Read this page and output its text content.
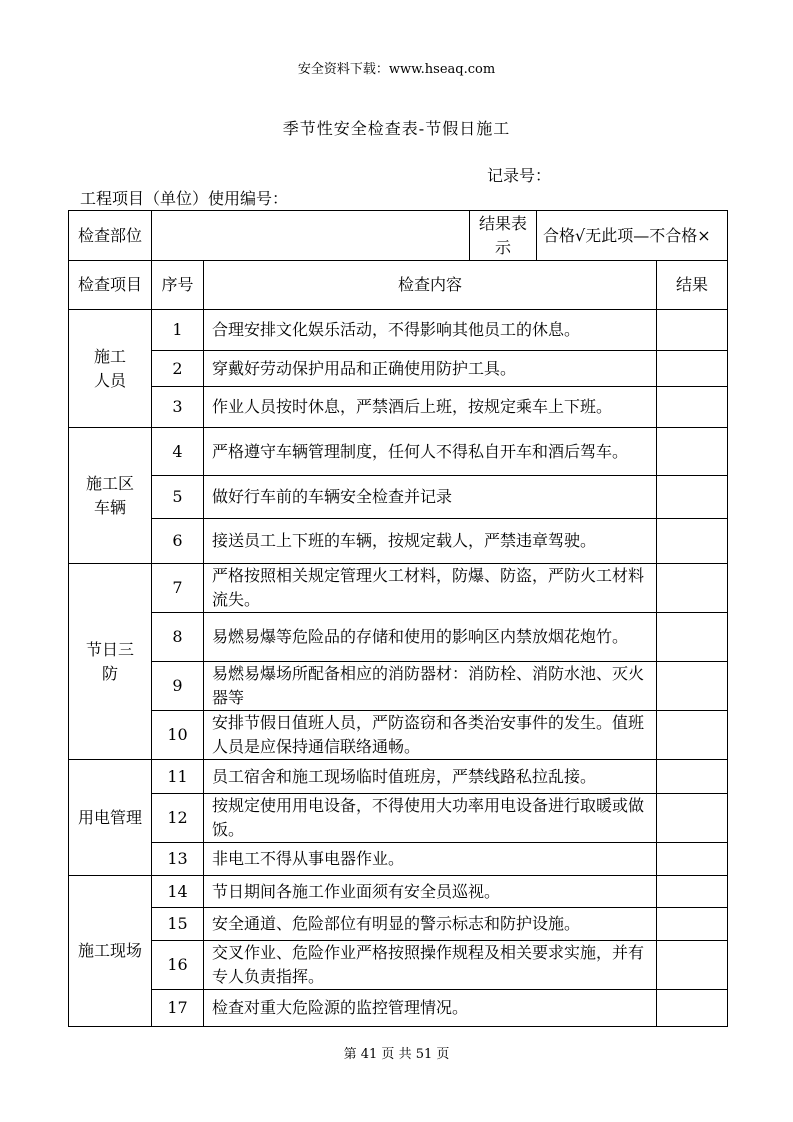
安全资料下载：www.hseaq.com
季节性安全检查表-节假日施工
记录号：
工程项目（单位）使用编号：
检查部位			结果表示	合格√无此项—不合格×	
检查项目	序号	检查内容			结果
施工人员	1	合理安排文化娱乐活动，不得影响其他员工的休息。			
	2	穿戴好劳动保护用品和正确使用防护工具。			
	3	作业人员按时休息，严禁酒后上班，按规定乘车上下班。			
施工区车辆	4	严格遵守车辆管理制度，任何人不得私自开车和酒后驾车。			
	5	做好行车前的车辆安全检查并记录			
	6	接送员工上下班的车辆，按规定载人，严禁违章驾驶。			
节日三防	7	严格按照相关规定管理火工材料，防爆、防盗，严防火工材料流失。			
	8	易燃易爆等危险品的存储和使用的影响区内禁放烟花炮竹。			
	9	易燃易爆场所配备相应的消防器材：消防栓、消防水池、灭火器等			
	10	安排节假日值班人员，严防盗窃和各类治安事件的发生。值班人员是应保持通信联络通畅。			
用电管理	11	员工宿舍和施工现场临时值班房，严禁线路私拉乱接。			
	12	按规定使用用电设备，不得使用大功率用电设备进行取暖或做饭。			
	13	非电工不得从事电器作业。			
施工现场	14	节日期间各施工作业面须有安全员巡视。			
	15	安全通道、危险部位有明显的警示标志和防护设施。			
	16	交叉作业、危险作业严格按照操作规程及相关要求实施，并有专人负责指挥。			
	17	检查对重大危险源的监控管理情况。			
第 41 页 共 51 页
